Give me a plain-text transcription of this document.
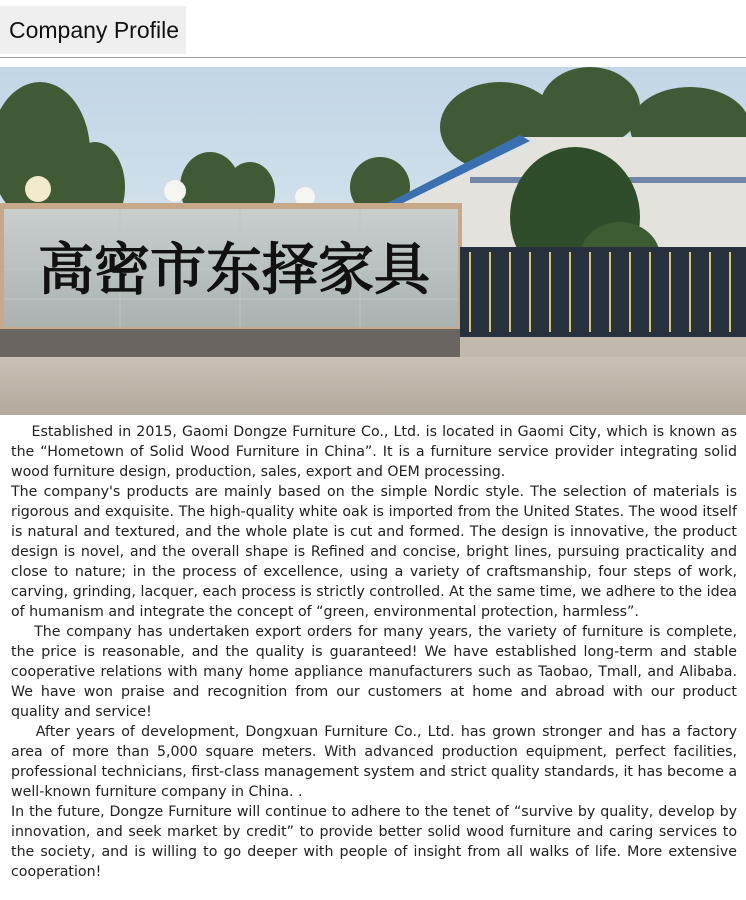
Company Profile
高密市东择家具

Established in 2015, Gaomi Dongze Furniture Co., Ltd. is located in Gaomi City, which is known as the “Hometown of Solid Wood Furniture in China”. It is a furniture service provider integrating solid wood furniture design, production, sales, export and OEM processing.

The company's products are mainly based on the simple Nordic style. The selection of materials is rigorous and exquisite. The high-quality white oak is imported from the United States. The wood itself is natural and textured, and the whole plate is cut and formed. The design is innovative, the product design is novel, and the overall shape is Refined and concise, bright lines, pursuing practicality and close to nature; in the process of excellence, using a variety of craftsmanship, four steps of work, carving, grinding, lacquer, each process is strictly controlled. At the same time, we adhere to the idea of humanism and integrate the concept of “green, environmental protection, harmless”.

The company has undertaken export orders for many years, the variety of furniture is complete, the price is reasonable, and the quality is guaranteed! We have established long-term and stable cooperative relations with many home appliance manufacturers such as Taobao, Tmall, and Alibaba. We have won praise and recognition from our customers at home and abroad with our product quality and service!

After years of development, Dongxuan Furniture Co., Ltd. has grown stronger and has a factory area of more than 5,000 square meters. With advanced production equipment, perfect facilities, professional technicians, first-class management system and strict quality standards, it has become a well-known furniture company in China. .

In the future, Dongze Furniture will continue to adhere to the tenet of “survive by quality, develop by innovation, and seek market by credit” to provide better solid wood furniture and caring services to the society, and is willing to go deeper with people of insight from all walks of life. More extensive cooperation!
